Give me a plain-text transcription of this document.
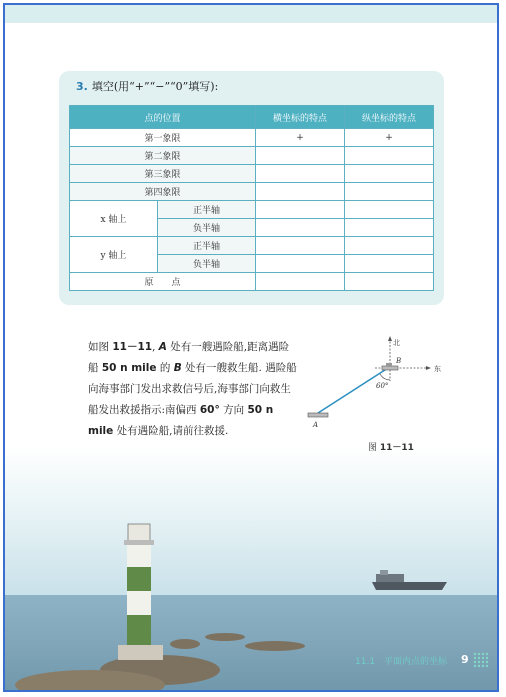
3. 填空(用“+”“−”“0”填写):
点的位置		横坐标的特点	纵坐标的特点
第一象限		+	+
第二象限			
第三象限			
第四象限			
x 轴上	正半轴		
	负半轴		
y 轴上	正半轴		
	负半轴		
原　　点			
如图 11－11, A 处有一艘遇险船,距离遇险船 50 n mile 的 B 处有一艘救生船. 遇险船向海事部门发出求救信号后,海事部门向救生船发出救援指示:南偏西 60° 方向 50 n mile 处有遇险船,请前往救援.
北
东
60°
B
A
图 11－11
11.1　平面内点的坐标 9
